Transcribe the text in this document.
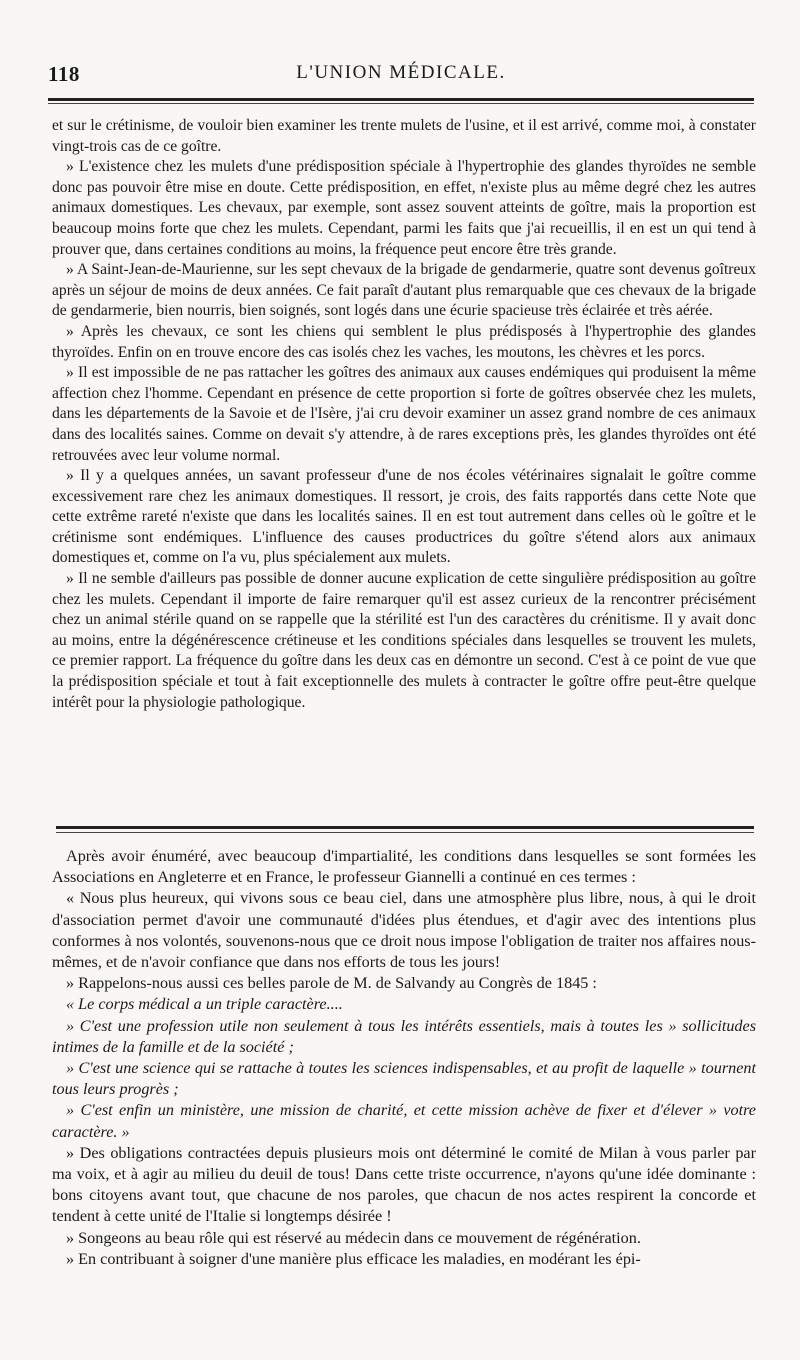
118	L'UNION MÉDICALE.

et sur le crétinisme, de vouloir bien examiner les trente mulets de l'usine, et il est arrivé, comme moi, à constater vingt-trois cas de ce goître.

» L'existence chez les mulets d'une prédisposition spéciale à l'hypertrophie des glandes thyroïdes ne semble donc pas pouvoir être mise en doute. Cette prédisposition, en effet, n'existe plus au même degré chez les autres animaux domestiques. Les chevaux, par exemple, sont assez souvent atteints de goître, mais la proportion est beaucoup moins forte que chez les mulets. Cependant, parmi les faits que j'ai recueillis, il en est un qui tend à prouver que, dans certaines conditions au moins, la fréquence peut encore être très grande.

» A Saint-Jean-de-Maurienne, sur les sept chevaux de la brigade de gendarmerie, quatre sont devenus goîtreux après un séjour de moins de deux années. Ce fait paraît d'autant plus remarquable que ces chevaux de la brigade de gendarmerie, bien nourris, bien soignés, sont logés dans une écurie spacieuse très éclairée et très aérée.

» Après les chevaux, ce sont les chiens qui semblent le plus prédisposés à l'hypertrophie des glandes thyroïdes. Enfin on en trouve encore des cas isolés chez les vaches, les moutons, les chèvres et les porcs.

» Il est impossible de ne pas rattacher les goîtres des animaux aux causes endémiques qui produisent la même affection chez l'homme. Cependant en présence de cette proportion si forte de goîtres observée chez les mulets, dans les départements de la Savoie et de l'Isère, j'ai cru devoir examiner un assez grand nombre de ces animaux dans des localités saines. Comme on devait s'y attendre, à de rares exceptions près, les glandes thyroïdes ont été retrouvées avec leur volume normal.

» Il y a quelques années, un savant professeur d'une de nos écoles vétérinaires signalait le goître comme excessivement rare chez les animaux domestiques. Il ressort, je crois, des faits rapportés dans cette Note que cette extrême rareté n'existe que dans les localités saines. Il en est tout autrement dans celles où le goître et le crétinisme sont endémiques. L'influence des causes productrices du goître s'étend alors aux animaux domestiques et, comme on l'a vu, plus spécialement aux mulets.

» Il ne semble d'ailleurs pas possible de donner aucune explication de cette singulière prédisposition au goître chez les mulets. Cependant il importe de faire remarquer qu'il est assez curieux de la rencontrer précisément chez un animal stérile quand on se rappelle que la stérilité est l'un des caractères du crénitisme. Il y avait donc au moins, entre la dégénérescence crétineuse et les conditions spéciales dans lesquelles se trouvent les mulets, ce premier rapport. La fréquence du goître dans les deux cas en démontre un second. C'est à ce point de vue que la prédisposition spéciale et tout à fait exceptionnelle des mulets à contracter le goître offre peut-être quelque intérêt pour la physiologie pathologique.

Après avoir énuméré, avec beaucoup d'impartialité, les conditions dans lesquelles se sont formées les Associations en Angleterre et en France, le professeur Giannelli a continué en ces termes :

« Nous plus heureux, qui vivons sous ce beau ciel, dans une atmosphère plus libre, nous, à qui le droit d'association permet d'avoir une communauté d'idées plus étendues, et d'agir avec des intentions plus conformes à nos volontés, souvenons-nous que ce droit nous impose l'obligation de traiter nos affaires nous-mêmes, et de n'avoir confiance que dans nos efforts de tous les jours!

» Rappelons-nous aussi ces belles parole de M. de Salvandy au Congrès de 1845 :

« Le corps médical a un triple caractère....

» C'est une profession utile non seulement à tous les intérêts essentiels, mais à toutes les » sollicitudes intimes de la famille et de la société ;

» C'est une science qui se rattache à toutes les sciences indispensables, et au profit de laquelle » tournent tous leurs progrès ;

» C'est enfin un ministère, une mission de charité, et cette mission achève de fixer et d'élever » votre caractère. »

» Des obligations contractées depuis plusieurs mois ont déterminé le comité de Milan à vous parler par ma voix, et à agir au milieu du deuil de tous! Dans cette triste occurrence, n'ayons qu'une idée dominante : bons citoyens avant tout, que chacune de nos paroles, que chacun de nos actes respirent la concorde et tendent à cette unité de l'Italie si longtemps désirée !

» Songeons au beau rôle qui est réservé au médecin dans ce mouvement de régénération.

» En contribuant à soigner d'une manière plus efficace les maladies, en modérant les épi-
